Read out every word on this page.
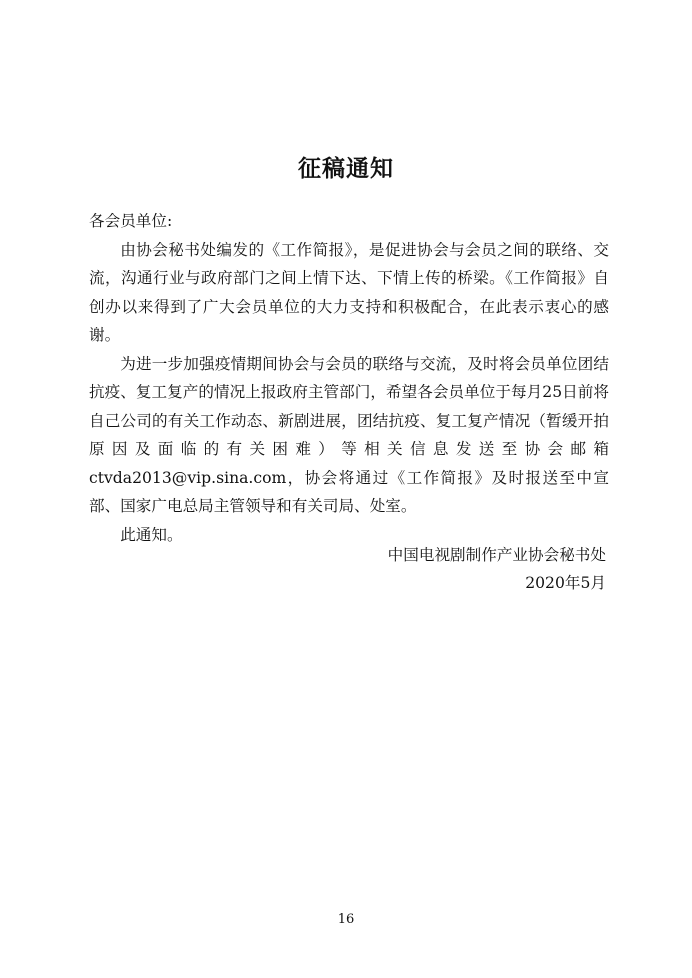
征稿通知

各会员单位:

由协会秘书处编发的《工作简报》，是促进协会与会员之间的联络、交流，沟通行业与政府部门之间上情下达、下情上传的桥梁。《工作简报》自创办以来得到了广大会员单位的大力支持和积极配合，在此表示衷心的感谢。

为进一步加强疫情期间协会与会员的联络与交流，及时将会员单位团结抗疫、复工复产的情况上报政府主管部门，希望各会员单位于每月25日前将自己公司的有关工作动态、新剧进展，团结抗疫、复工复产情况（暂缓开拍原因及面临的有关困难）等相关信息发送至协会邮箱ctvda2013@vip.sina.com，协会将通过《工作简报》及时报送至中宣部、国家广电总局主管领导和有关司局、处室。

此通知。

中国电视剧制作产业协会秘书处
2020年5月
16
